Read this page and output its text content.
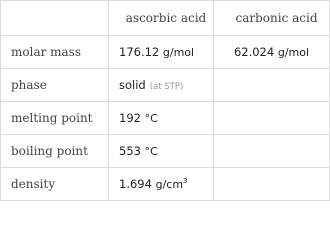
	ascorbic acid	carbonic acid
molar mass	176.12 g/mol	62.024 g/mol
phase	solid (at STP)	
melting point	192 °C	
boiling point	553 °C	
density	1.694 $g/cm^3$	
